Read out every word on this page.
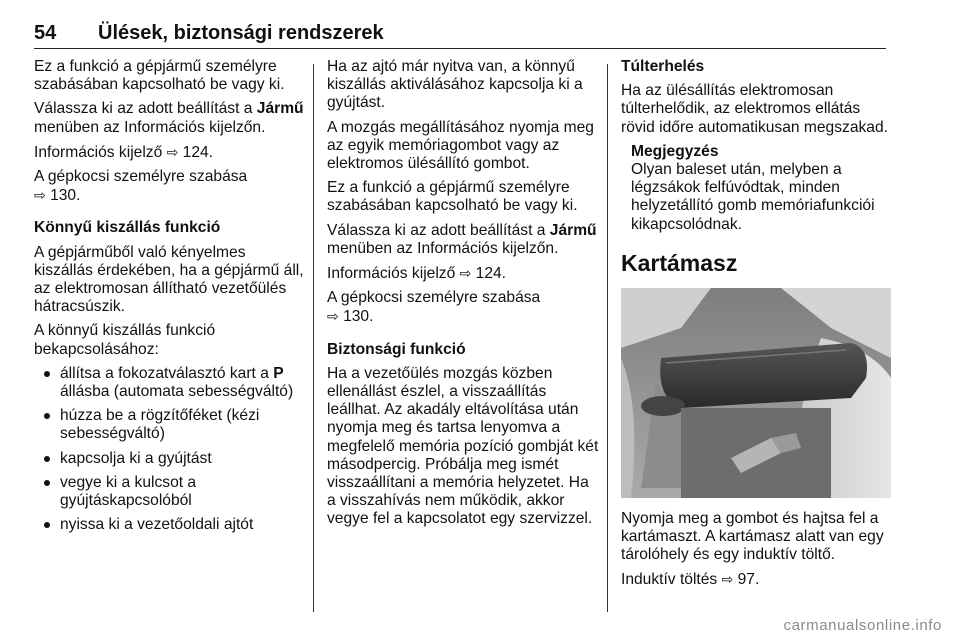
54 Ülések, biztonsági rendszerek

Ez a funkció a gépjármű személyre szabásában kapcsolható be vagy ki.

Válassza ki az adott beállítást a Jármű menüben az Információs kijelzőn.

Információs kijelző ⇨ 124.

A gépkocsi személyre szabása
⇨ 130.

Könnyű kiszállás funkció

A gépjárműből való kényelmes kiszállás érdekében, ha a gépjármű áll, az elektromosan állítható vezetőülés hátracsúszik.

A könnyű kiszállás funkció bekapcsolásához:

állítsa a fokozatválasztó kart a P állásba (automata sebességváltó)
húzza be a rögzítőféket (kézi sebességváltó)
kapcsolja ki a gyújtást
vegye ki a kulcsot a gyújtáskapcsolóból
nyissa ki a vezetőoldali ajtót

Ha az ajtó már nyitva van, a könnyű kiszállás aktiválásához kapcsolja ki a gyújtást.

A mozgás megállításához nyomja meg az egyik memóriagombot vagy az elektromos ülésállító gombot.

Ez a funkció a gépjármű személyre szabásában kapcsolható be vagy ki.

Válassza ki az adott beállítást a Jármű menüben az Információs kijelzőn.

Információs kijelző ⇨ 124.

A gépkocsi személyre szabása
⇨ 130.

Biztonsági funkció

Ha a vezetőülés mozgás közben ellenállást észlel, a visszaállítás leállhat. Az akadály eltávolítása után nyomja meg és tartsa lenyomva a megfelelő memória pozíció gombját két másodpercig. Próbálja meg ismét visszaállítani a memória helyzetet. Ha a visszahívás nem működik, akkor vegye fel a kapcsolatot egy szervizzel.

Túlterhelés

Ha az ülésállítás elektromosan túlterhelődik, az elektromos ellátás rövid időre automatikusan megszakad.

Megjegyzés

Olyan baleset után, melyben a légzsákok felfúvódtak, minden helyzetállító gomb memóriafunkciói kikapcsolódnak.

Kartámasz

Nyomja meg a gombot és hajtsa fel a kartámaszt. A kartámasz alatt van egy tárolóhely és egy induktív töltő.

Induktív töltés ⇨ 97.

carmanualsonline.info
